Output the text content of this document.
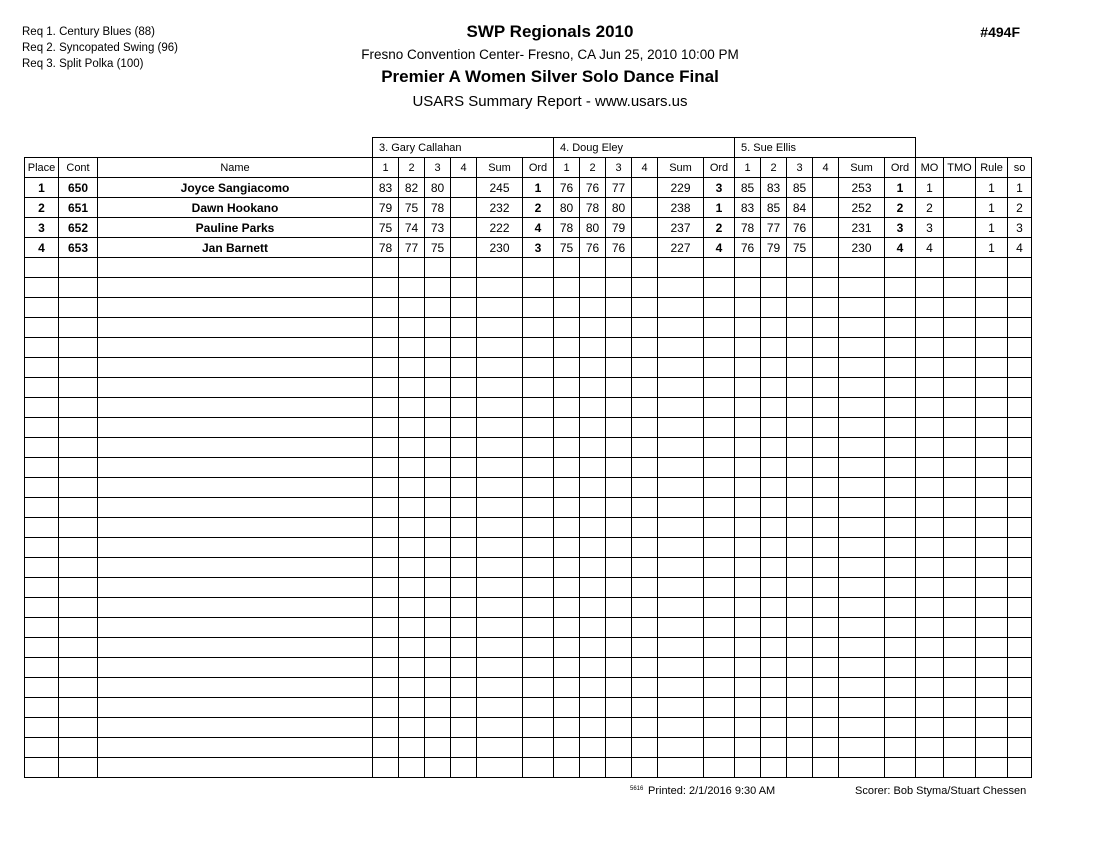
Req 1. Century Blues (88)
Req 2. Syncopated Swing (96)
Req 3. Split Polka (100)
SWP Regionals 2010
Fresno Convention Center- Fresno, CA Jun 25, 2010 10:00 PM
Premier A Women Silver Solo Dance Final
USARS Summary Report - www.usars.us
#494F
			3. Gary Callahan						4. Doug Eley						5. Sue Ellis									
Place	Cont	Name	1	2	3	4	Sum	Ord	1	2	3	4	Sum	Ord	1	2	3	4	Sum	Ord	MO	TMO	Rule	so
1	650	Joyce Sangiacomo	83	82	80		245	1	76	76	77		229	3	85	83	85		253	1	1		1	1
2	651	Dawn Hookano	79	75	78		232	2	80	78	80		238	1	83	85	84		252	2	2		1	2
3	652	Pauline Parks	75	74	73		222	4	78	80	79		237	2	78	77	76		231	3	3		1	3
4	653	Jan Barnett	78	77	75		230	3	75	76	76		227	4	76	79	75		230	4	4		1	4

5616 Printed: 2/1/2016 9:30 AM	Scorer: Bob Styma/Stuart Chessen
